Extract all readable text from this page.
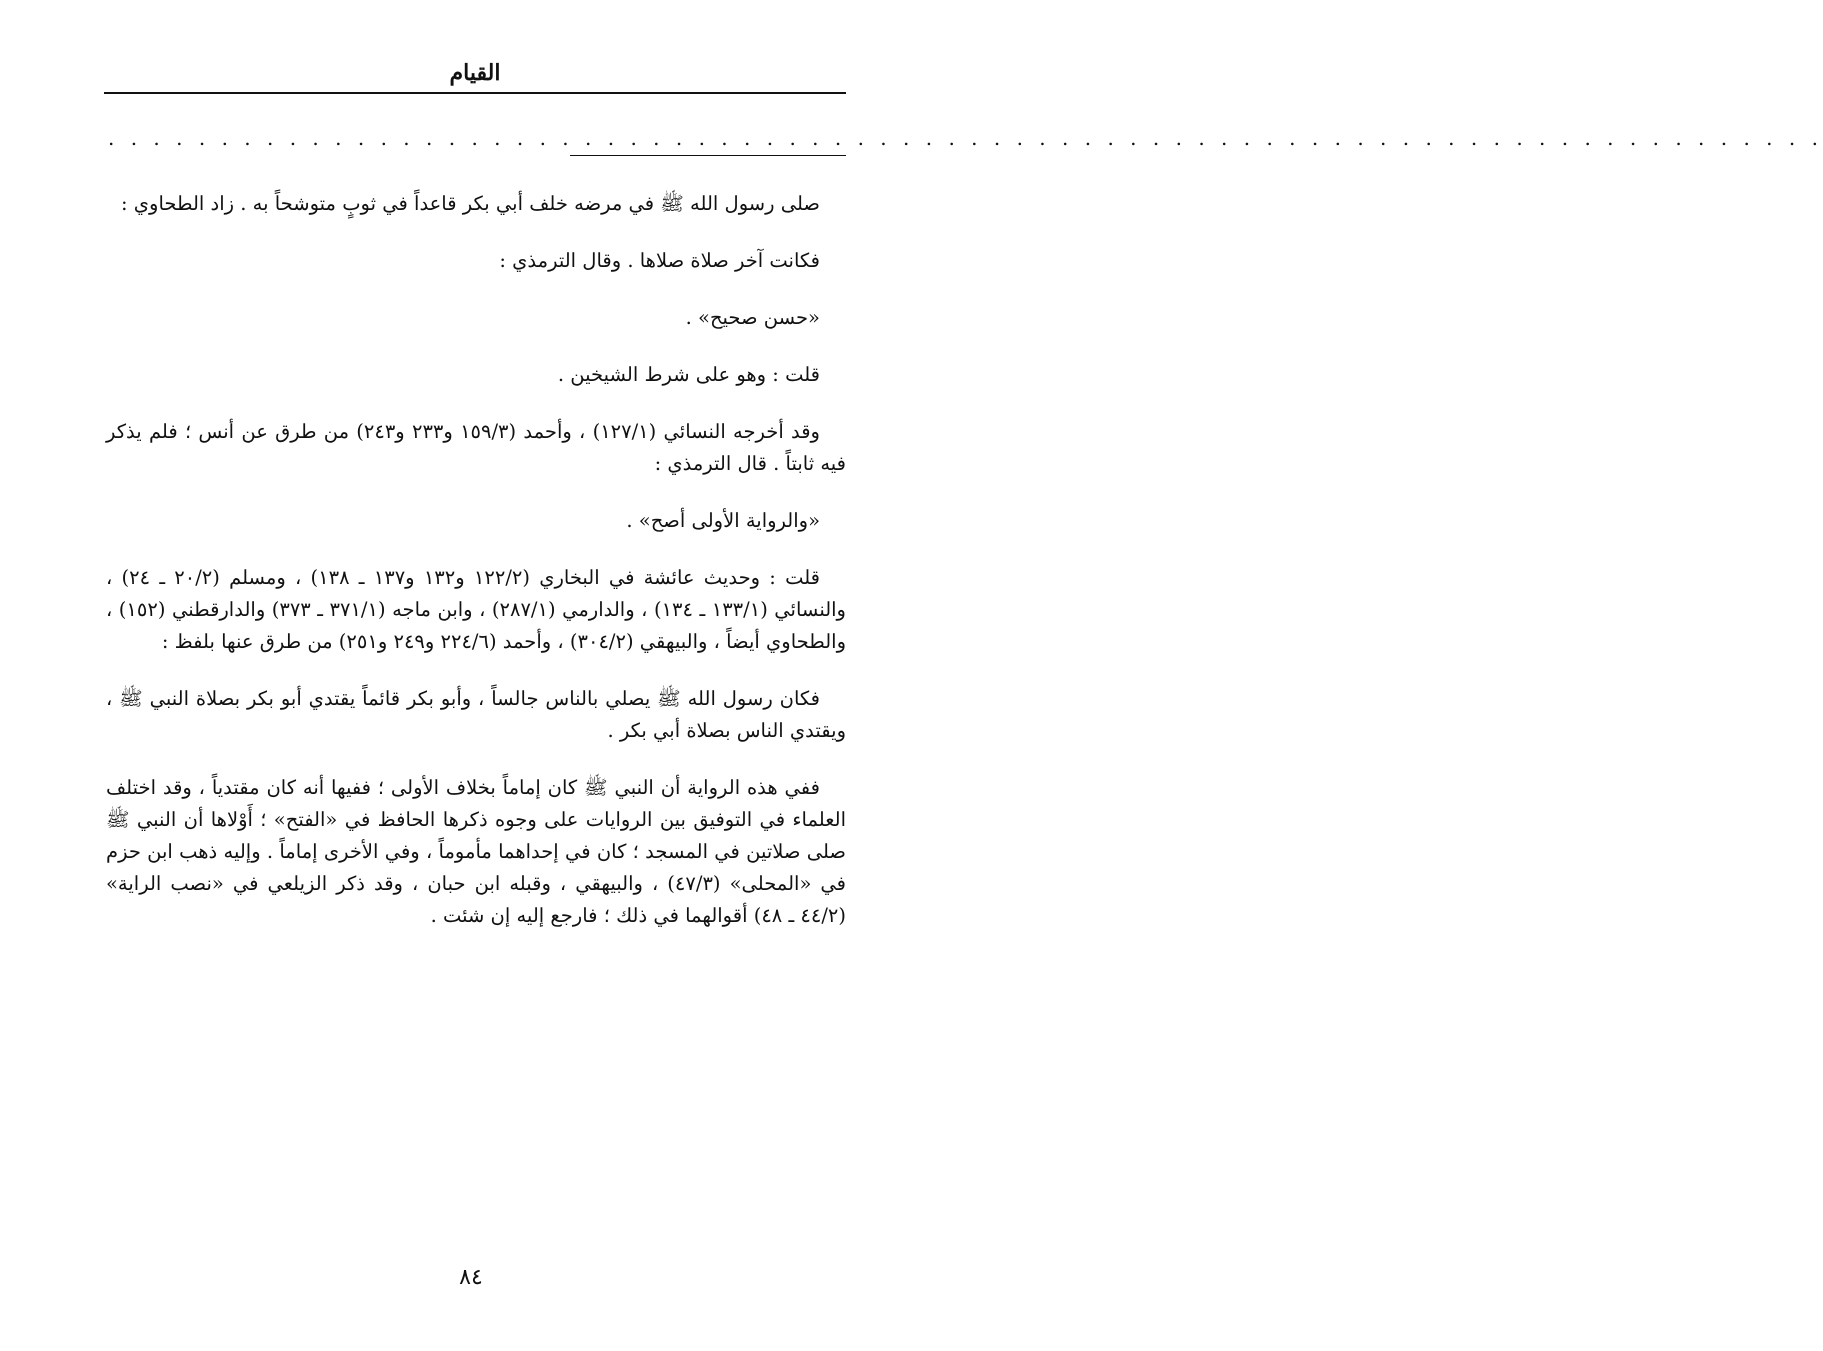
القيام
. . . . . . . . . . . . . . . . . . . . . . . . . . . . . . . . . . . . . . . . . . . . . . . . . . . . . . . . . . . . . . . . . . . . . . . . . . . .

صلى رسول الله ﷺ في مرضه خلف أبي بكر قاعداً في ثوبٍ متوشحاً به . زاد الطحاوي :

فكانت آخر صلاة صلاها . وقال الترمذي :

«حسن صحيح» .

قلت : وهو على شرط الشيخين .

وقد أخرجه النسائي (١٢٧/١) ، وأحمد (١٥٩/٣ و٢٣٣ و٢٤٣) من طرق عن أنس ؛ فلم يذكر فيه ثابتاً . قال الترمذي :

«والرواية الأولى أصح» .

قلت : وحديث عائشة في البخاري (١٢٢/٢ و١٣٢ و١٣٧ ـ ١٣٨) ، ومسلم (٢٠/٢ ـ ٢٤) ، والنسائي (١٣٣/١ ـ ١٣٤) ، والدارمي (٢٨٧/١) ، وابن ماجه (٣٧١/١ ـ ٣٧٣) والدارقطني (١٥٢) ، والطحاوي أيضاً ، والبيهقي (٣٠٤/٢) ، وأحمد (٢٢٤/٦ و٢٤٩ و٢٥١) من طرق عنها بلفظ :

فكان رسول الله ﷺ يصلي بالناس جالساً ، وأبو بكر قائماً يقتدي أبو بكر بصلاة النبي ﷺ ، ويقتدي الناس بصلاة أبي بكر .

ففي هذه الرواية أن النبي ﷺ كان إماماً بخلاف الأولى ؛ ففيها أنه كان مقتدياً ، وقد اختلف العلماء في التوفيق بين الروايات على وجوه ذكرها الحافظ في «الفتح» ؛ أَوْلاها أن النبي ﷺ صلى صلاتين في المسجد ؛ كان في إحداهما مأموماً ، وفي الأخرى إماماً . وإليه ذهب ابن حزم في «المحلى» (٤٧/٣) ، والبيهقي ، وقبله ابن حبان ، وقد ذكر الزيلعي في «نصب الراية» (٤٤/٢ ـ ٤٨) أقوالهما في ذلك ؛ فارجع إليه إن شئت .

٨٤
